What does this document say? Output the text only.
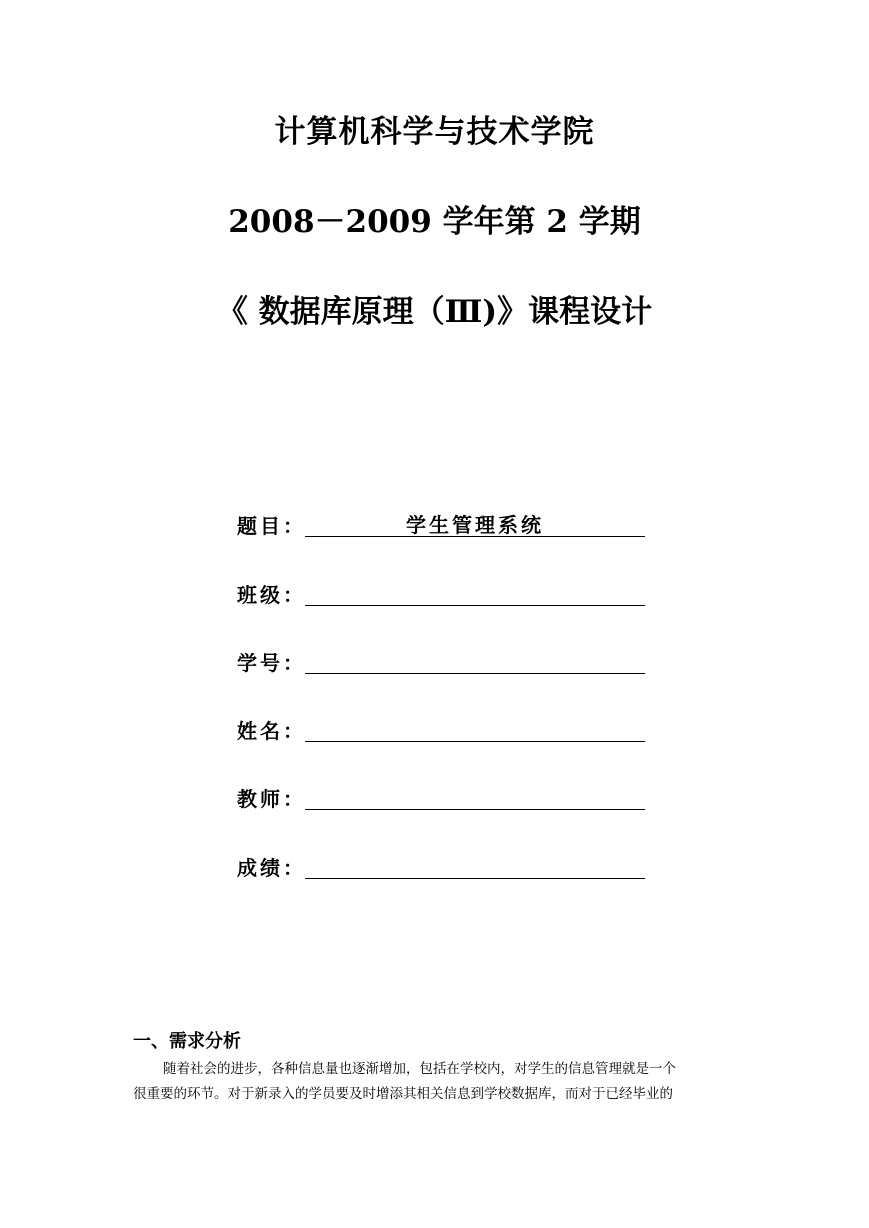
计算机科学与技术学院
2008－2009 学年第 2 学期
《 数据库原理（Ⅲ)》课程设计
题目：	学生管理系统
班级：
学号：
姓名：
教师：
成绩：
一、需求分析
随着社会的进步，各种信息量也逐渐增加，包括在学校内，对学生的信息管理就是一个
很重要的环节。对于新录入的学员要及时增添其相关信息到学校数据库，而对于已经毕业的
